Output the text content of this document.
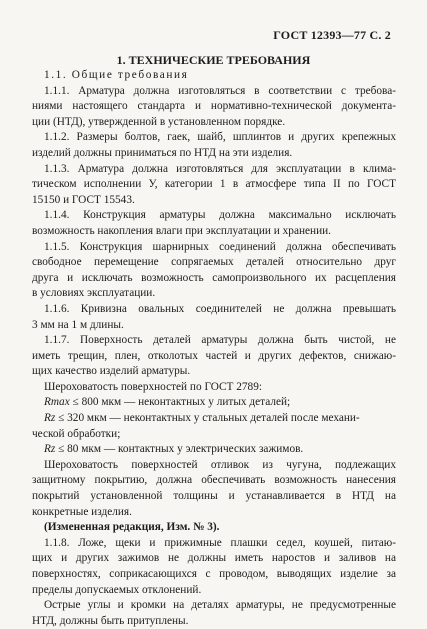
ГОСТ 12393—77 С. 2
1. ТЕХНИЧЕСКИЕ ТРЕБОВАНИЯ
1.1. Общие требования
1.1.1. Арматура должна изготовляться в соответствии с требова-
ниями настоящего стандарта и нормативно-технической документа-
ции (НТД), утвержденной в установленном порядке.
1.1.2. Размеры болтов, гаек, шайб, шплинтов и других крепежных
изделий должны приниматься по НТД на эти изделия.
1.1.3. Арматура должна изготовляться для эксплуатации в клима-
тическом исполнении У, категории 1 в атмосфере типа II по ГОСТ
15150 и ГОСТ 15543.
1.1.4. Конструкция арматуры должна максимально исключать
возможность накопления влаги при эксплуатации и хранении.
1.1.5. Конструкция шарнирных соединений должна обеспечивать
свободное перемещение сопрягаемых деталей относительно друг
друга и исключать возможность самопроизвольного их расцепления
в условиях эксплуатации.
1.1.6. Кривизна овальных соединителей не должна превышать
3 мм на 1 м длины.
1.1.7. Поверхность деталей арматуры должна быть чистой, не
иметь трещин, плен, отколотых частей и других дефектов, снижаю-
щих качество изделий арматуры.
Шероховатость поверхностей по ГОСТ 2789:
Rmax ≤ 800 мкм — неконтактных у литых деталей;
Rz ≤ 320 мкм — неконтактных у стальных деталей после механи-
ческой обработки;
Rz ≤ 80 мкм — контактных у электрических зажимов.
Шероховатость поверхностей отливок из чугуна, подлежащих
защитному покрытию, должна обеспечивать возможность нанесения
покрытий установленной толщины и устанавливается в НТД на
конкретные изделия.
(Измененная редакция, Изм. № 3).
1.1.8. Ложе, щеки и прижимные плашки седел, коушей, питаю-
щих и других зажимов не должны иметь наростов и заливов на
поверхностях, соприкасающихся с проводом, выводящих изделие за
пределы допускаемых отклонений.
Острые углы и кромки на деталях арматуры, не предусмотренные
НТД, должны быть притуплены.
